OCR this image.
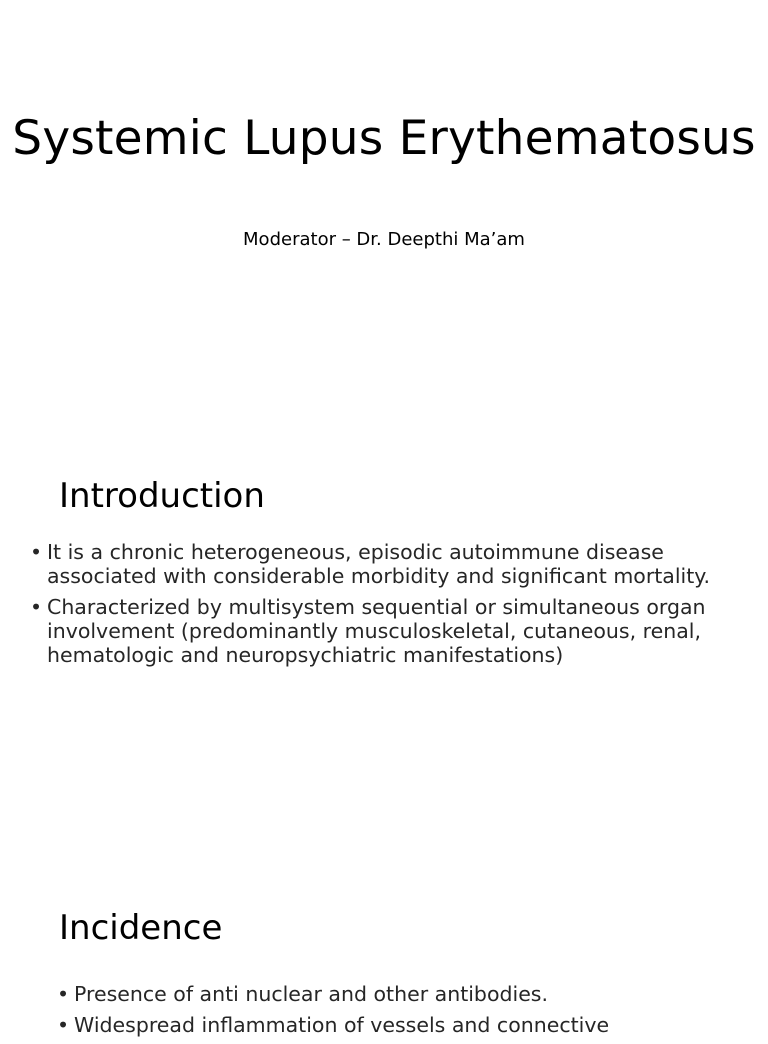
Systemic Lupus Erythematosus

Moderator – Dr. Deepthi Ma’am

Introduction
• It is a chronic heterogeneous, episodic autoimmune disease associated with considerable morbidity and significant mortality.
• Characterized by multisystem sequential or simultaneous organ involvement (predominantly musculoskeletal, cutaneous, renal, hematologic and neuropsychiatric manifestations)
Incidence
• Presence of anti nuclear and other antibodies.
• Widespread inflammation of vessels and connective
